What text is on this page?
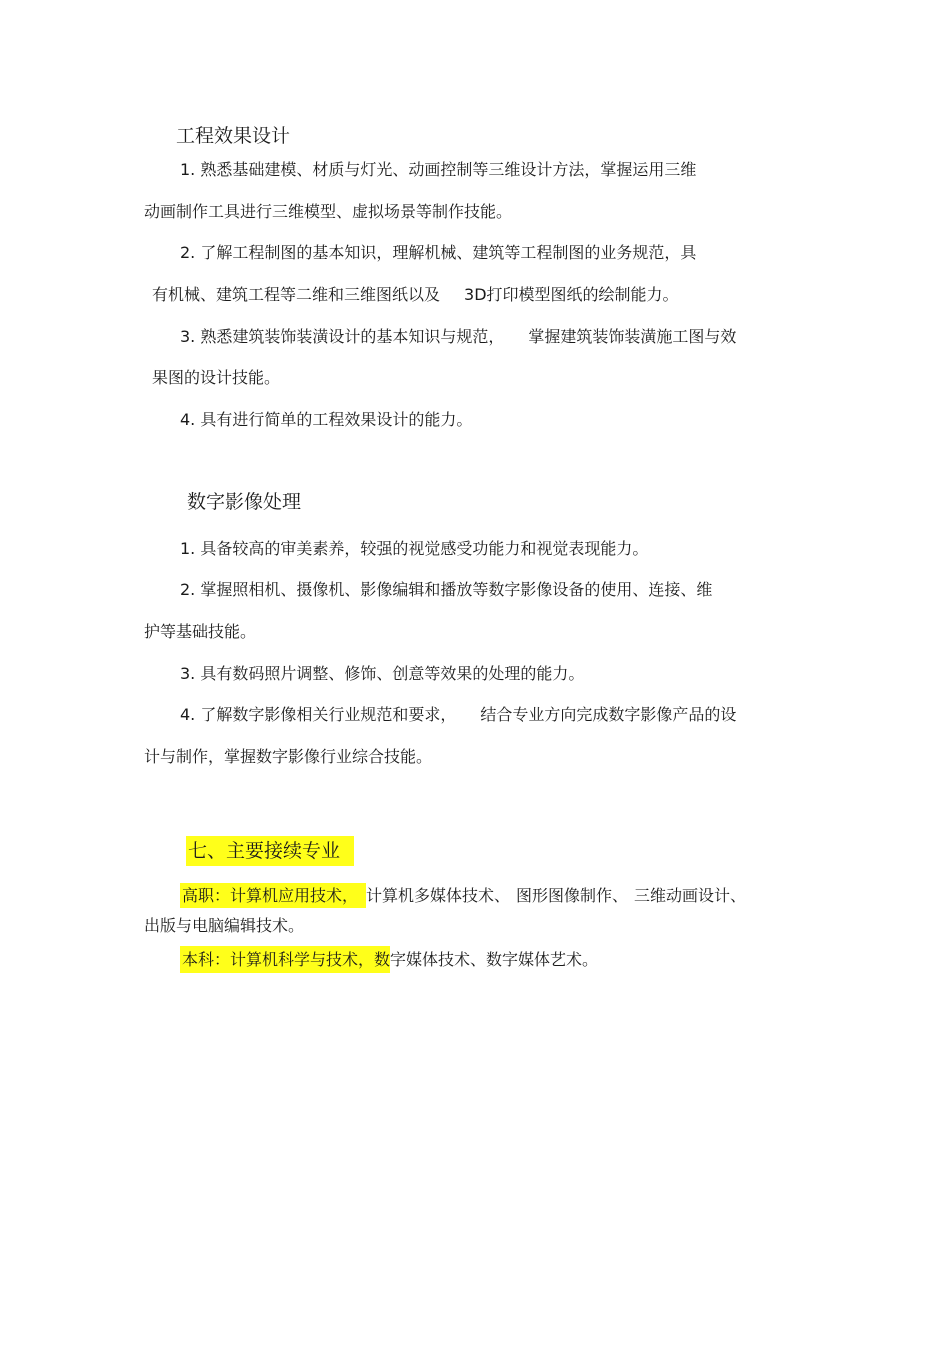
工程效果设计
1. 熟悉基础建模、材质与灯光、动画控制等三维设计方法，掌握运用三维
动画制作工具进行三维模型、虚拟场景等制作技能。
2. 了解工程制图的基本知识，理解机械、建筑等工程制图的业务规范，具
有机械、建筑工程等二维和三维图纸以及 3D打印模型图纸的绘制能力。
3. 熟悉建筑装饰装潢设计的基本知识与规范， 掌握建筑装饰装潢施工图与效
果图的设计技能。
4. 具有进行简单的工程效果设计的能力。
数字影像处理
1. 具备较高的审美素养，较强的视觉感受功能力和视觉表现能力。
2. 掌握照相机、摄像机、影像编辑和播放等数字影像设备的使用、连接、维
护等基础技能。
3. 具有数码照片调整、修饰、创意等效果的处理的能力。
4. 了解数字影像相关行业规范和要求， 结合专业方向完成数字影像产品的设
计与制作，掌握数字影像行业综合技能。
七、主要接续专业
高职：计算机应用技术， 计算机多媒体技术、 图形图像制作、 三维动画设计、
出版与电脑编辑技术。
本科：计算机科学与技术，数字媒体技术、数字媒体艺术。
